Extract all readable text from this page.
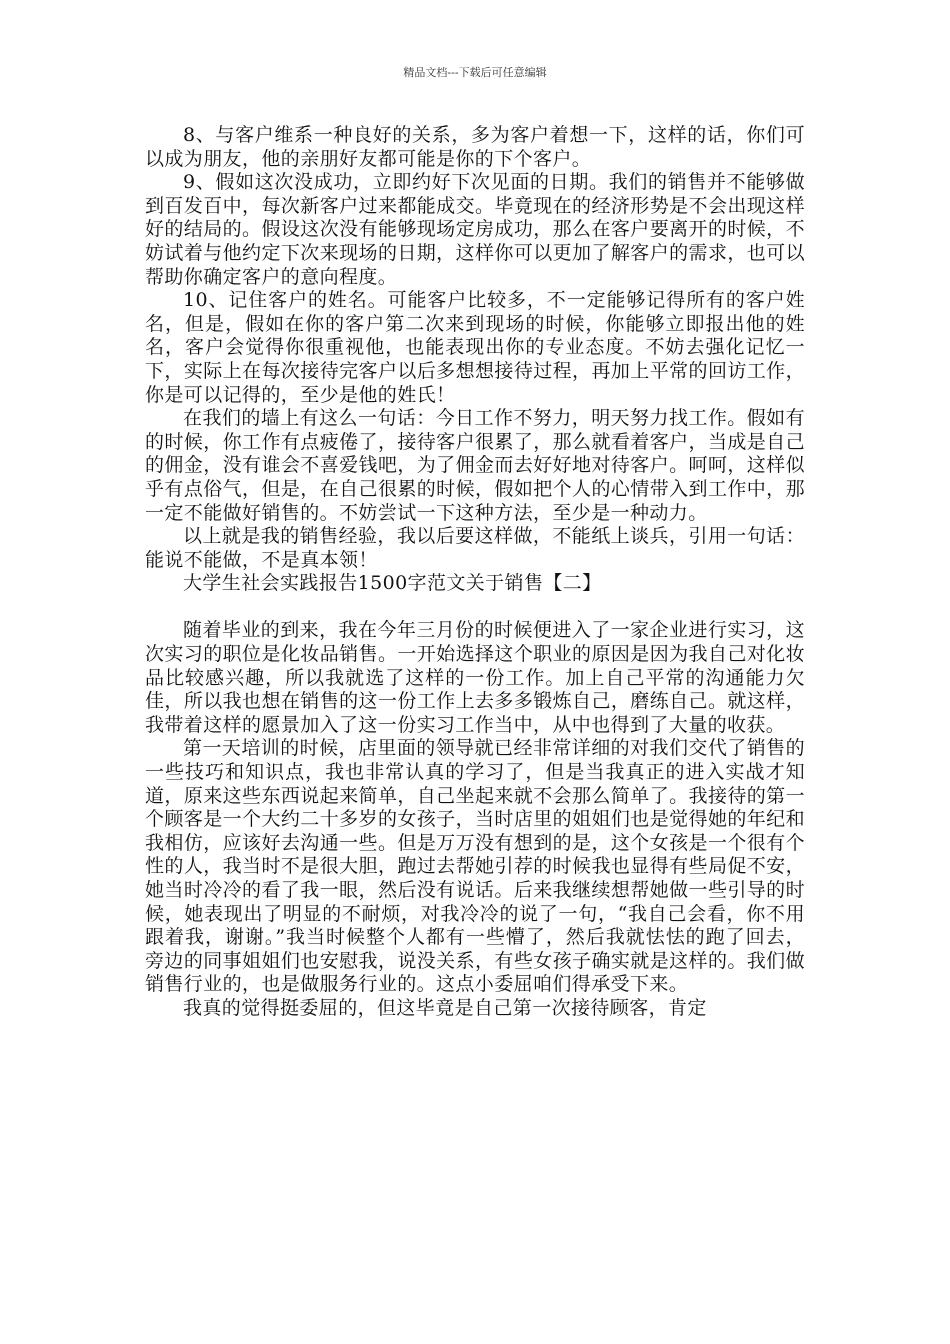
精品文档---下载后可任意编辑

8、与客户维系一种良好的关系，多为客户着想一下，这样的话，你们可以成为朋友，他的亲朋好友都可能是你的下个客户。

9、假如这次没成功，立即约好下次见面的日期。我们的销售并不能够做到百发百中，每次新客户过来都能成交。毕竟现在的经济形势是不会出现这样好的结局的。假设这次没有能够现场定房成功，那么在客户要离开的时候，不妨试着与他约定下次来现场的日期，这样你可以更加了解客户的需求，也可以帮助你确定客户的意向程度。

10、记住客户的姓名。可能客户比较多，不一定能够记得所有的客户姓名，但是，假如在你的客户第二次来到现场的时候，你能够立即报出他的姓名，客户会觉得你很重视他，也能表现出你的专业态度。不妨去强化记忆一下，实际上在每次接待完客户以后多想想接待过程，再加上平常的回访工作，你是可以记得的，至少是他的姓氏！

在我们的墙上有这么一句话：今日工作不努力，明天努力找工作。假如有的时候，你工作有点疲倦了，接待客户很累了，那么就看着客户，当成是自己的佣金，没有谁会不喜爱钱吧，为了佣金而去好好地对待客户。呵呵，这样似乎有点俗气，但是，在自己很累的时候，假如把个人的心情带入到工作中，那一定不能做好销售的。不妨尝试一下这种方法，至少是一种动力。

以上就是我的销售经验，我以后要这样做，不能纸上谈兵，引用一句话：能说不能做，不是真本领！

大学生社会实践报告1500字范文关于销售【二】

随着毕业的到来，我在今年三月份的时候便进入了一家企业进行实习，这次实习的职位是化妆品销售。一开始选择这个职业的原因是因为我自己对化妆品比较感兴趣，所以我就选了这样的一份工作。加上自己平常的沟通能力欠佳，所以我也想在销售的这一份工作上去多多锻炼自己，磨练自己。就这样，我带着这样的愿景加入了这一份实习工作当中，从中也得到了大量的收获。

第一天培训的时候，店里面的领导就已经非常详细的对我们交代了销售的一些技巧和知识点，我也非常认真的学习了，但是当我真正的进入实战才知道，原来这些东西说起来简单，自己坐起来就不会那么简单了。我接待的第一个顾客是一个大约二十多岁的女孩子，当时店里的姐姐们也是觉得她的年纪和我相仿，应该好去沟通一些。但是万万没有想到的是，这个女孩是一个很有个性的人，我当时不是很大胆，跑过去帮她引荐的时候我也显得有些局促不安，她当时冷冷的看了我一眼，然后没有说话。后来我继续想帮她做一些引导的时候，她表现出了明显的不耐烦，对我冷冷的说了一句，“我自己会看，你不用跟着我，谢谢。”我当时候整个人都有一些懵了，然后我就怯怯的跑了回去，旁边的同事姐姐们也安慰我，说没关系，有些女孩子确实就是这样的。我们做销售行业的，也是做服务行业的。这点小委屈咱们得承受下来。

我真的觉得挺委屈的，但这毕竟是自己第一次接待顾客，肯定
